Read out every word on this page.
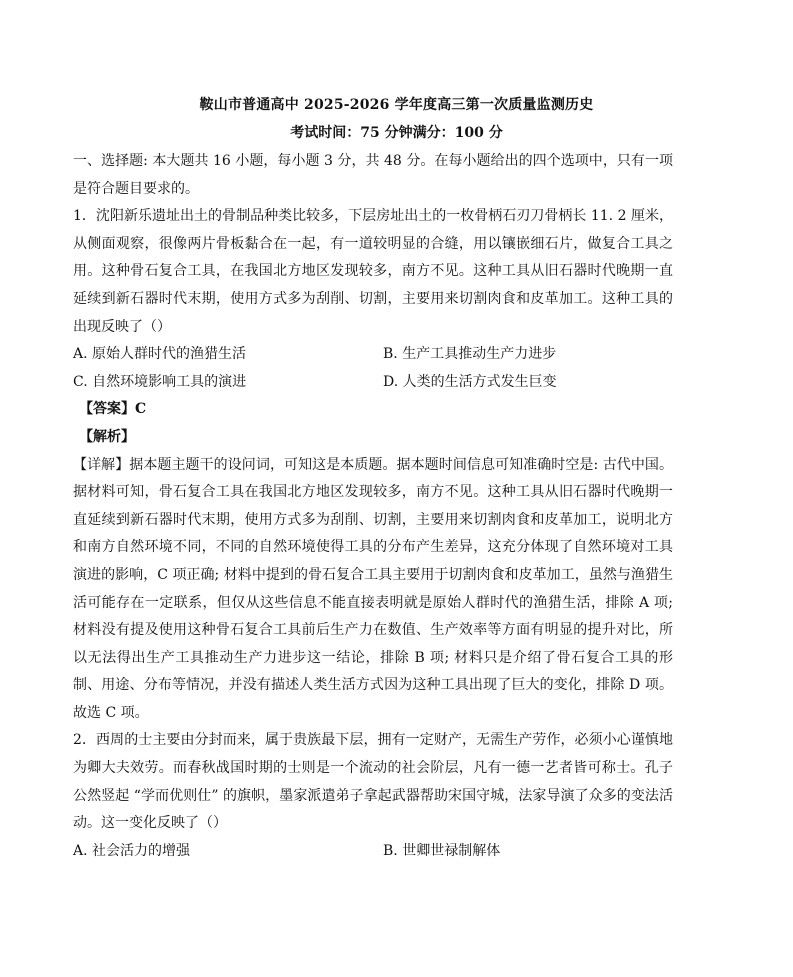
鞍山市普通高中 2025-2026 学年度高三第一次质量监测历史
考试时间：75 分钟满分：100 分

一、选择题: 本大题共 16 小题，每小题 3 分，共 48 分。在每小题给出的四个选项中，只有一项是符合题目要求的。

1．沈阳新乐遗址出土的骨制品种类比较多，下层房址出土的一枚骨柄石刃刀骨柄长 11. 2 厘米，从侧面观察，很像两片骨板黏合在一起，有一道较明显的合缝，用以镶嵌细石片，做复合工具之用。这种骨石复合工具，在我国北方地区发现较多，南方不见。这种工具从旧石器时代晚期一直延续到新石器时代末期，使用方式多为刮削、切割，主要用来切割肉食和皮革加工。这种工具的出现反映了（）

A. 原始人群时代的渔猎生活	B. 生产工具推动生产力进步
C. 自然环境影响工具的演进	D. 人类的生活方式发生巨变

【答案】C

【解析】

【详解】据本题主题干的设问词，可知这是本质题。据本题时间信息可知准确时空是: 古代中国。据材料可知，骨石复合工具在我国北方地区发现较多，南方不见。这种工具从旧石器时代晚期一直延续到新石器时代末期，使用方式多为刮削、切割，主要用来切割肉食和皮革加工，说明北方和南方自然环境不同，不同的自然环境使得工具的分布产生差异，这充分体现了自然环境对工具演进的影响，C 项正确; 材料中提到的骨石复合工具主要用于切割肉食和皮革加工，虽然与渔猎生活可能存在一定联系，但仅从这些信息不能直接表明就是原始人群时代的渔猎生活，排除 A 项; 材料没有提及使用这种骨石复合工具前后生产力在数值、生产效率等方面有明显的提升对比，所以无法得出生产工具推动生产力进步这一结论，排除 B 项; 材料只是介绍了骨石复合工具的形制、用途、分布等情况，并没有描述人类生活方式因为这种工具出现了巨大的变化，排除 D 项。故选 C 项。

2．西周的士主要由分封而来，属于贵族最下层，拥有一定财产，无需生产劳作，必须小心谨慎地为卿大夫效劳。而春秋战国时期的士则是一个流动的社会阶层，凡有一德一艺者皆可称士。孔子公然竖起 “学而优则仕” 的旗帜，墨家派遣弟子拿起武器帮助宋国守城，法家导演了众多的变法活动。这一变化反映了（）

A. 社会活力的增强	B. 世卿世禄制解体
